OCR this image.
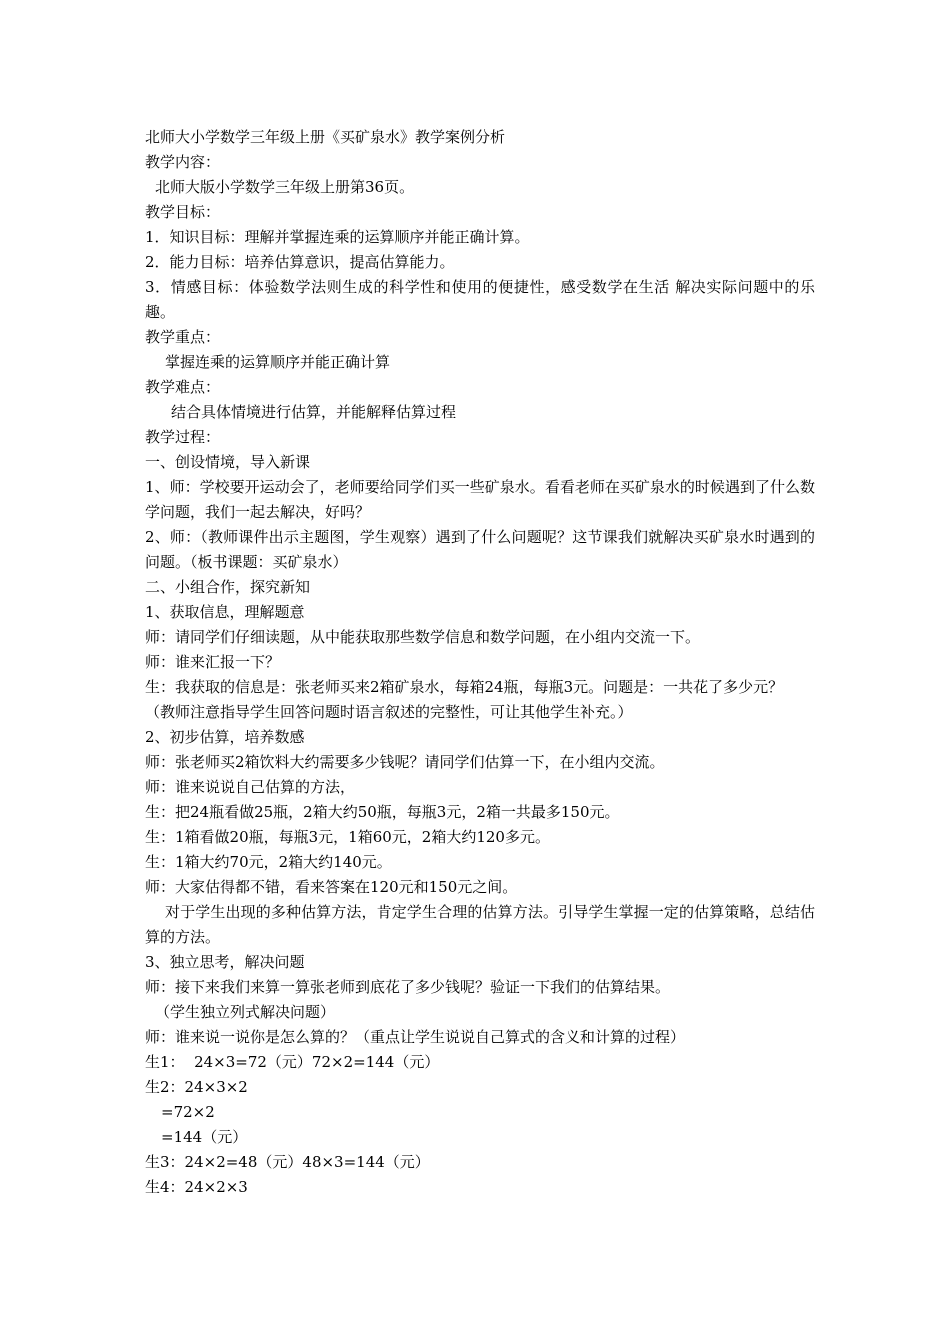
北师大小学数学三年级上册《买矿泉水》教学案例分析
教学内容：
北师大版小学数学三年级上册第36页。
教学目标：
1．知识目标：理解并掌握连乘的运算顺序并能正确计算。
2．能力目标：培养估算意识，提高估算能力。
3．情感目标：体验数学法则生成的科学性和使用的便捷性，感受数学在生活 解决实际问题中的乐趣。
教学重点：
掌握连乘的运算顺序并能正确计算
教学难点：
结合具体情境进行估算，并能解释估算过程
教学过程：
一、创设情境，导入新课
1、师：学校要开运动会了，老师要给同学们买一些矿泉水。看看老师在买矿泉水的时候遇到了什么数学问题，我们一起去解决，好吗？
2、师：（教师课件出示主题图，学生观察）遇到了什么问题呢？这节课我们就解决买矿泉水时遇到的问题。（板书课题：买矿泉水）
二、小组合作，探究新知
1、获取信息，理解题意
师：请同学们仔细读题，从中能获取那些数学信息和数学问题，在小组内交流一下。
师：谁来汇报一下？
生：我获取的信息是：张老师买来2箱矿泉水，每箱24瓶，每瓶3元。问题是：一共花了多少元？
（教师注意指导学生回答问题时语言叙述的完整性，可让其他学生补充。）
2、初步估算，培养数感
师：张老师买2箱饮料大约需要多少钱呢？请同学们估算一下，在小组内交流。
师：谁来说说自己估算的方法，
生：把24瓶看做25瓶，2箱大约50瓶，每瓶3元，2箱一共最多150元。
生：1箱看做20瓶，每瓶3元，1箱60元，2箱大约120多元。
生：1箱大约70元，2箱大约140元。
师：大家估得都不错，看来答案在120元和150元之间。
对于学生出现的多种估算方法，肯定学生合理的估算方法。引导学生掌握一定的估算策略，总结估算的方法。
3、独立思考，解决问题
师：接下来我们来算一算张老师到底花了多少钱呢？验证一下我们的估算结果。
（学生独立列式解决问题）
师：谁来说一说你是怎么算的？（重点让学生说说自己算式的含义和计算的过程）
生1：  24×3=72（元）72×2=144（元）
生2：24×3×2
=72×2
=144（元）
生3：24×2=48（元）48×3=144（元）
生4：24×2×3
